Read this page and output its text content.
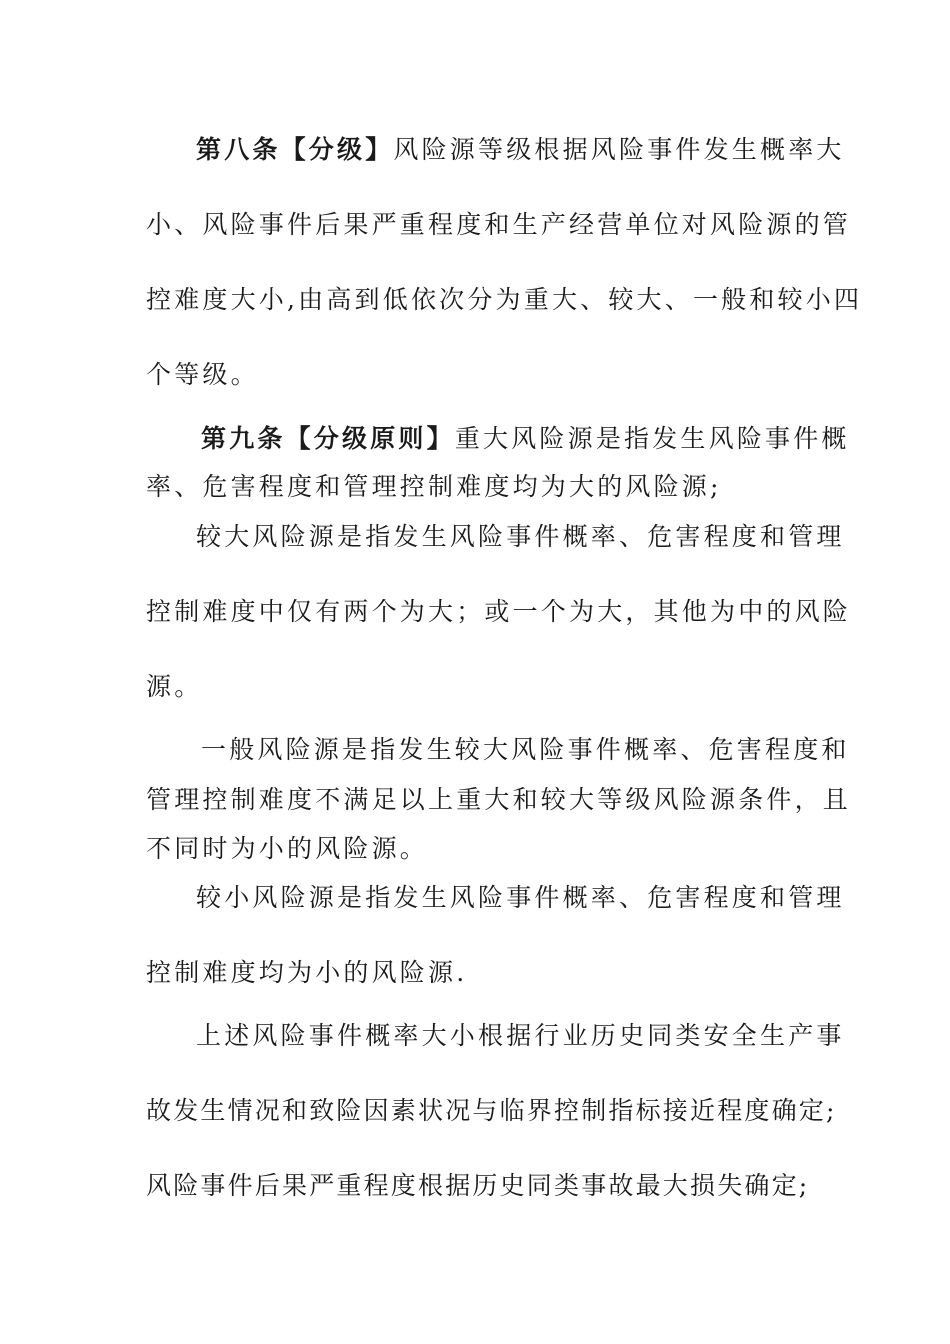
第八条【分级】风险源等级根据风险事件发生概率大
小、风险事件后果严重程度和生产经营单位对风险源的管
控难度大小,由高到低依次分为重大、较大、一般和较小四
个等级。
第九条【分级原则】重大风险源是指发生风险事件概
率、危害程度和管理控制难度均为大的风险源;
较大风险源是指发生风险事件概率、危害程度和管理
控制难度中仅有两个为大；或一个为大，其他为中的风险
源。
一般风险源是指发生较大风险事件概率、危害程度和
管理控制难度不满足以上重大和较大等级风险源条件，且
不同时为小的风险源。
较小风险源是指发生风险事件概率、危害程度和管理
控制难度均为小的风险源.
上述风险事件概率大小根据行业历史同类安全生产事
故发生情况和致险因素状况与临界控制指标接近程度确定;
风险事件后果严重程度根据历史同类事故最大损失确定;
